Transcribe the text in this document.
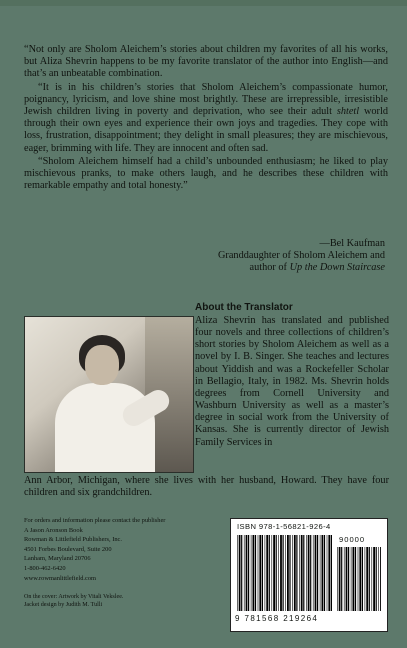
“Not only are Sholom Aleichem’s stories about children my favorites of all his works, but Aliza Shevrin happens to be my favorite translator of the author into English—and that’s an unbeatable combination.

“It is in his children’s stories that Sholom Aleichem’s compassionate humor, poignancy, lyricism, and love shine most brightly. These are irrepressible, irresistible Jewish children living in poverty and deprivation, who see their adult shtetl world through their own eyes and experience their own joys and tragedies. They cope with loss, frustration, disappointment; they delight in small pleasures; they are mischievous, eager, brimming with life. They are innocent and often sad.

“Sholom Aleichem himself had a child’s unbounded enthusiasm; he liked to play mischievous pranks, to make others laugh, and he describes these children with remarkable empathy and total honesty.”

—Bel Kaufman
Granddaughter of Sholom Aleichem and
author of Up the Down Staircase
About the Translator
Aliza Shevrin has translated and published four novels and three collections of children’s short stories by Sholom Aleichem as well as a novel by I. B. Singer. She teaches and lectures about Yiddish and was a Rockefeller Scholar in Bellagio, Italy, in 1982. Ms. Shevrin holds degrees from Cornell University and Washburn University as well as a master’s degree in social work from the University of Kansas. She is currently director of Jewish Family Services in
Ann Arbor, Michigan, where she lives with her husband, Howard. They have four children and six grandchildren.
For orders and information please contact the publisher
A Jason Aronson Book
Rowman & Littlefield Publishers, Inc.
4501 Forbes Boulevard, Suite 200
Lanham, Maryland 20706
1-800-462-6420
www.rowmanlittlefield.com
On the cover: Artwork by Vitali Vekslee.
Jacket design by Judith M. Tulli
ISBN 978-1-56821-926-4
90000
9 781568 219264
